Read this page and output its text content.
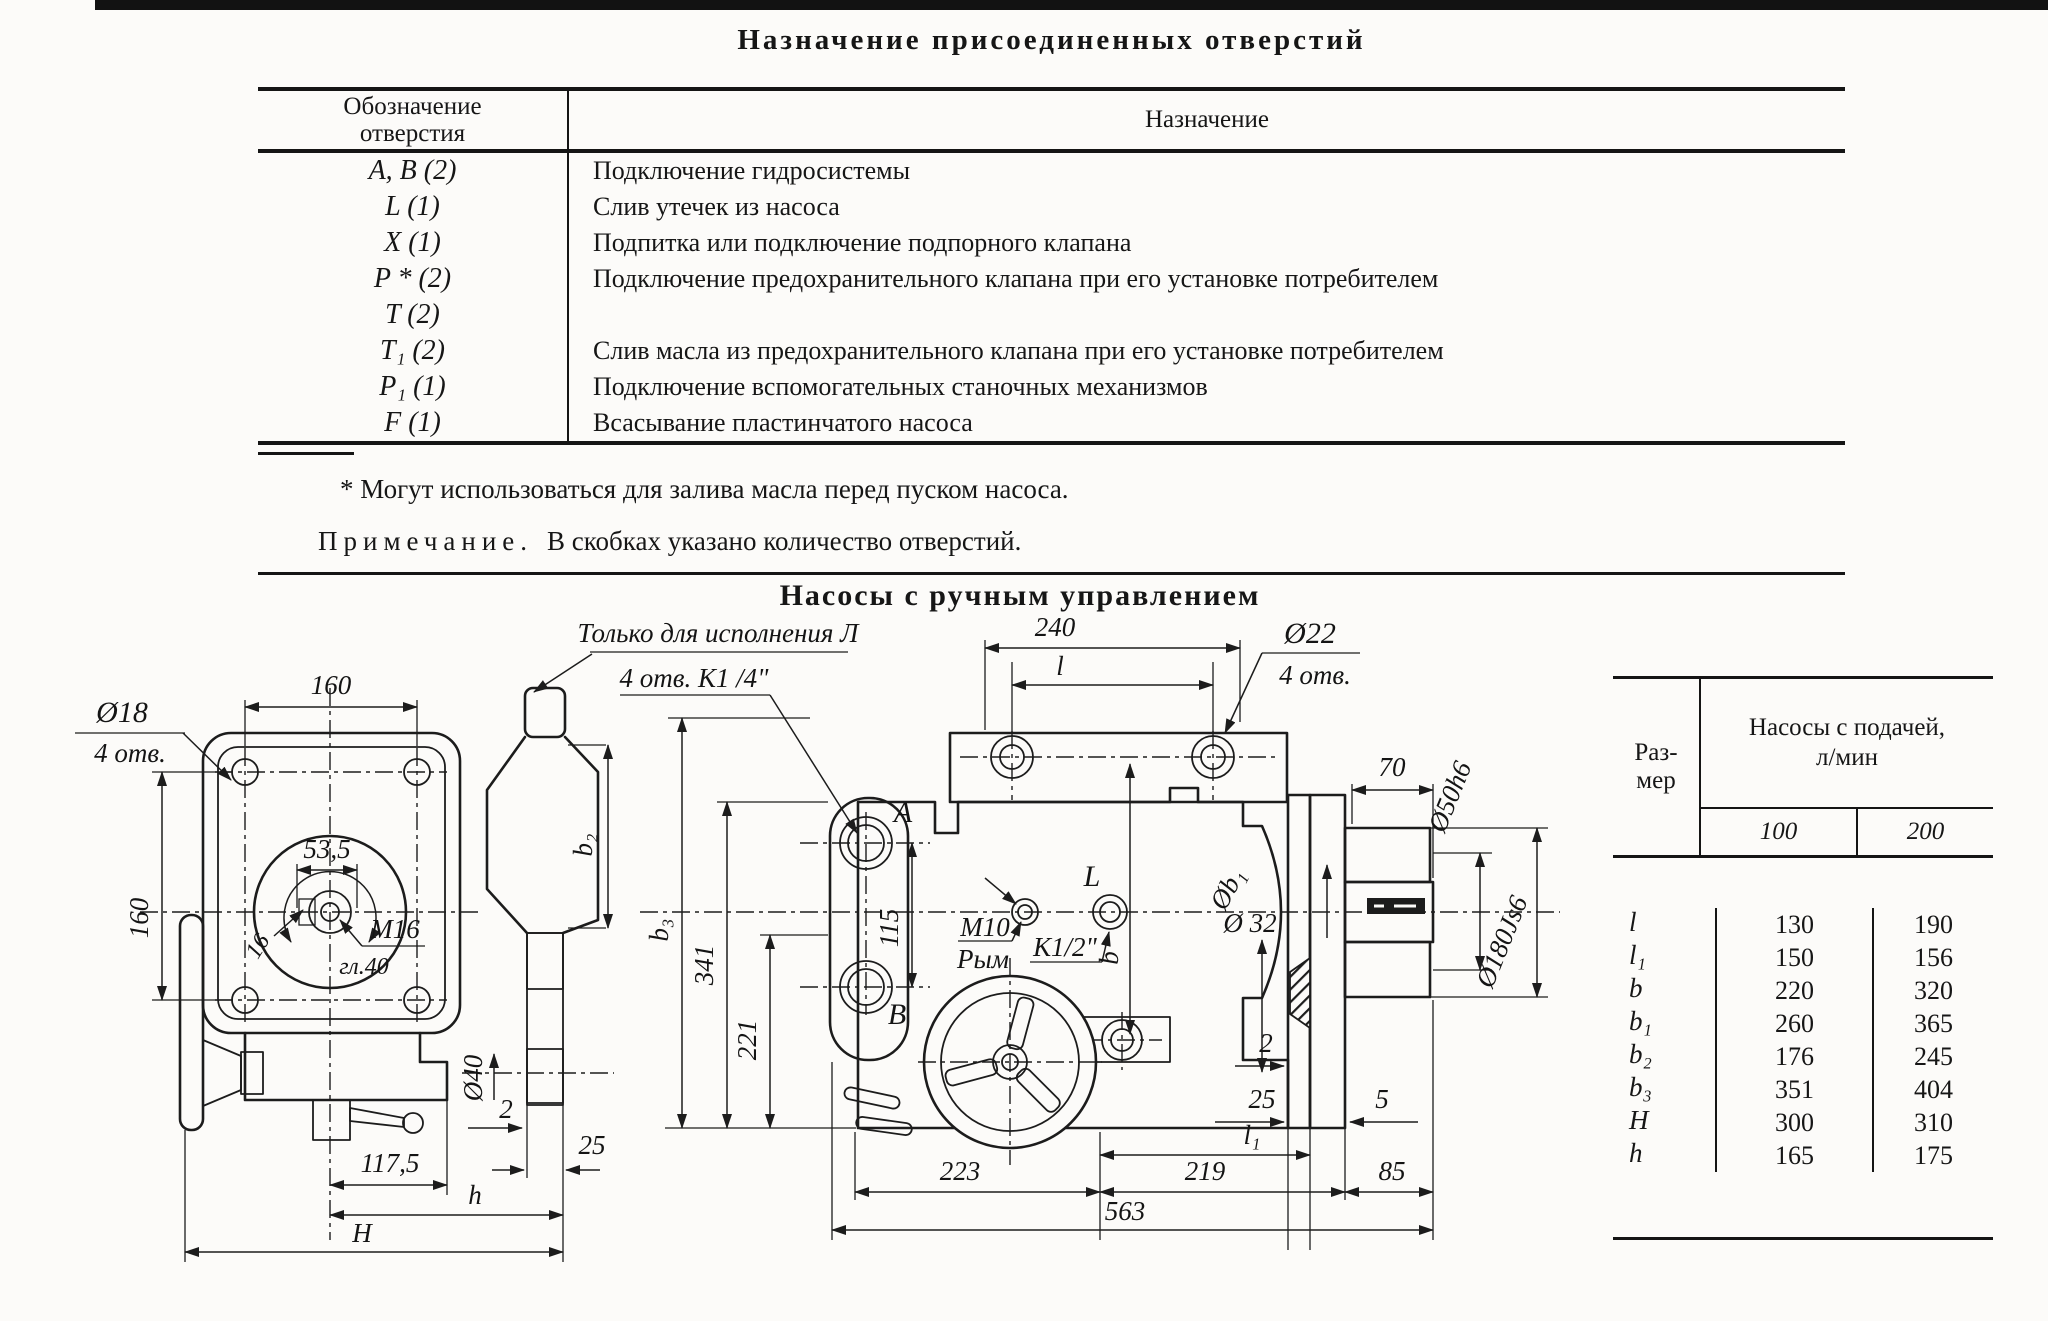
Назначение присоединенных отверстий
Обозначение
отверстия
Назначение
A, B (2)	Подключение гидросистемы
L (1)	Слив утечек из насоса
X (1)	Подпитка или подключение подпорного клапана
P * (2)	Подключение предохранительного клапана при его установке потребителем
T (2)
T₁ (2)	Слив масла из предохранительного клапана при его установке потребителем
P₁ (1)	Подключение вспомогательных станочных механизмов
F (1)	Всасывание пластинчатого насоса
* Могут использоваться для залива масла перед пуском насоса.
Примечание. В скобках указано количество отверстий.
Насосы с ручным управлением
Раз-
мер
Насосы с подачей,
л/мин
100	200
l	130	190
l₁	150	156
b	220	320
b₁	260	365
b₂	176	245
b₃	351	404
H	300	310
h	165	175
Ø18
4 отв.
160
160
53,5
16
M16
гл.40
Ø40
2
25
117,5
h
H
b₂
Только для исполнения Л
4 отв. К1 /4"
240
l
Ø22
4 отв.
A
B
L
115 M10
Рым К1/2"
b
b₃
341
221
Øb₁
Ø 32
70 Ø50h6
Ø180Js6
2
25	5
l₁
223	219	85
563
